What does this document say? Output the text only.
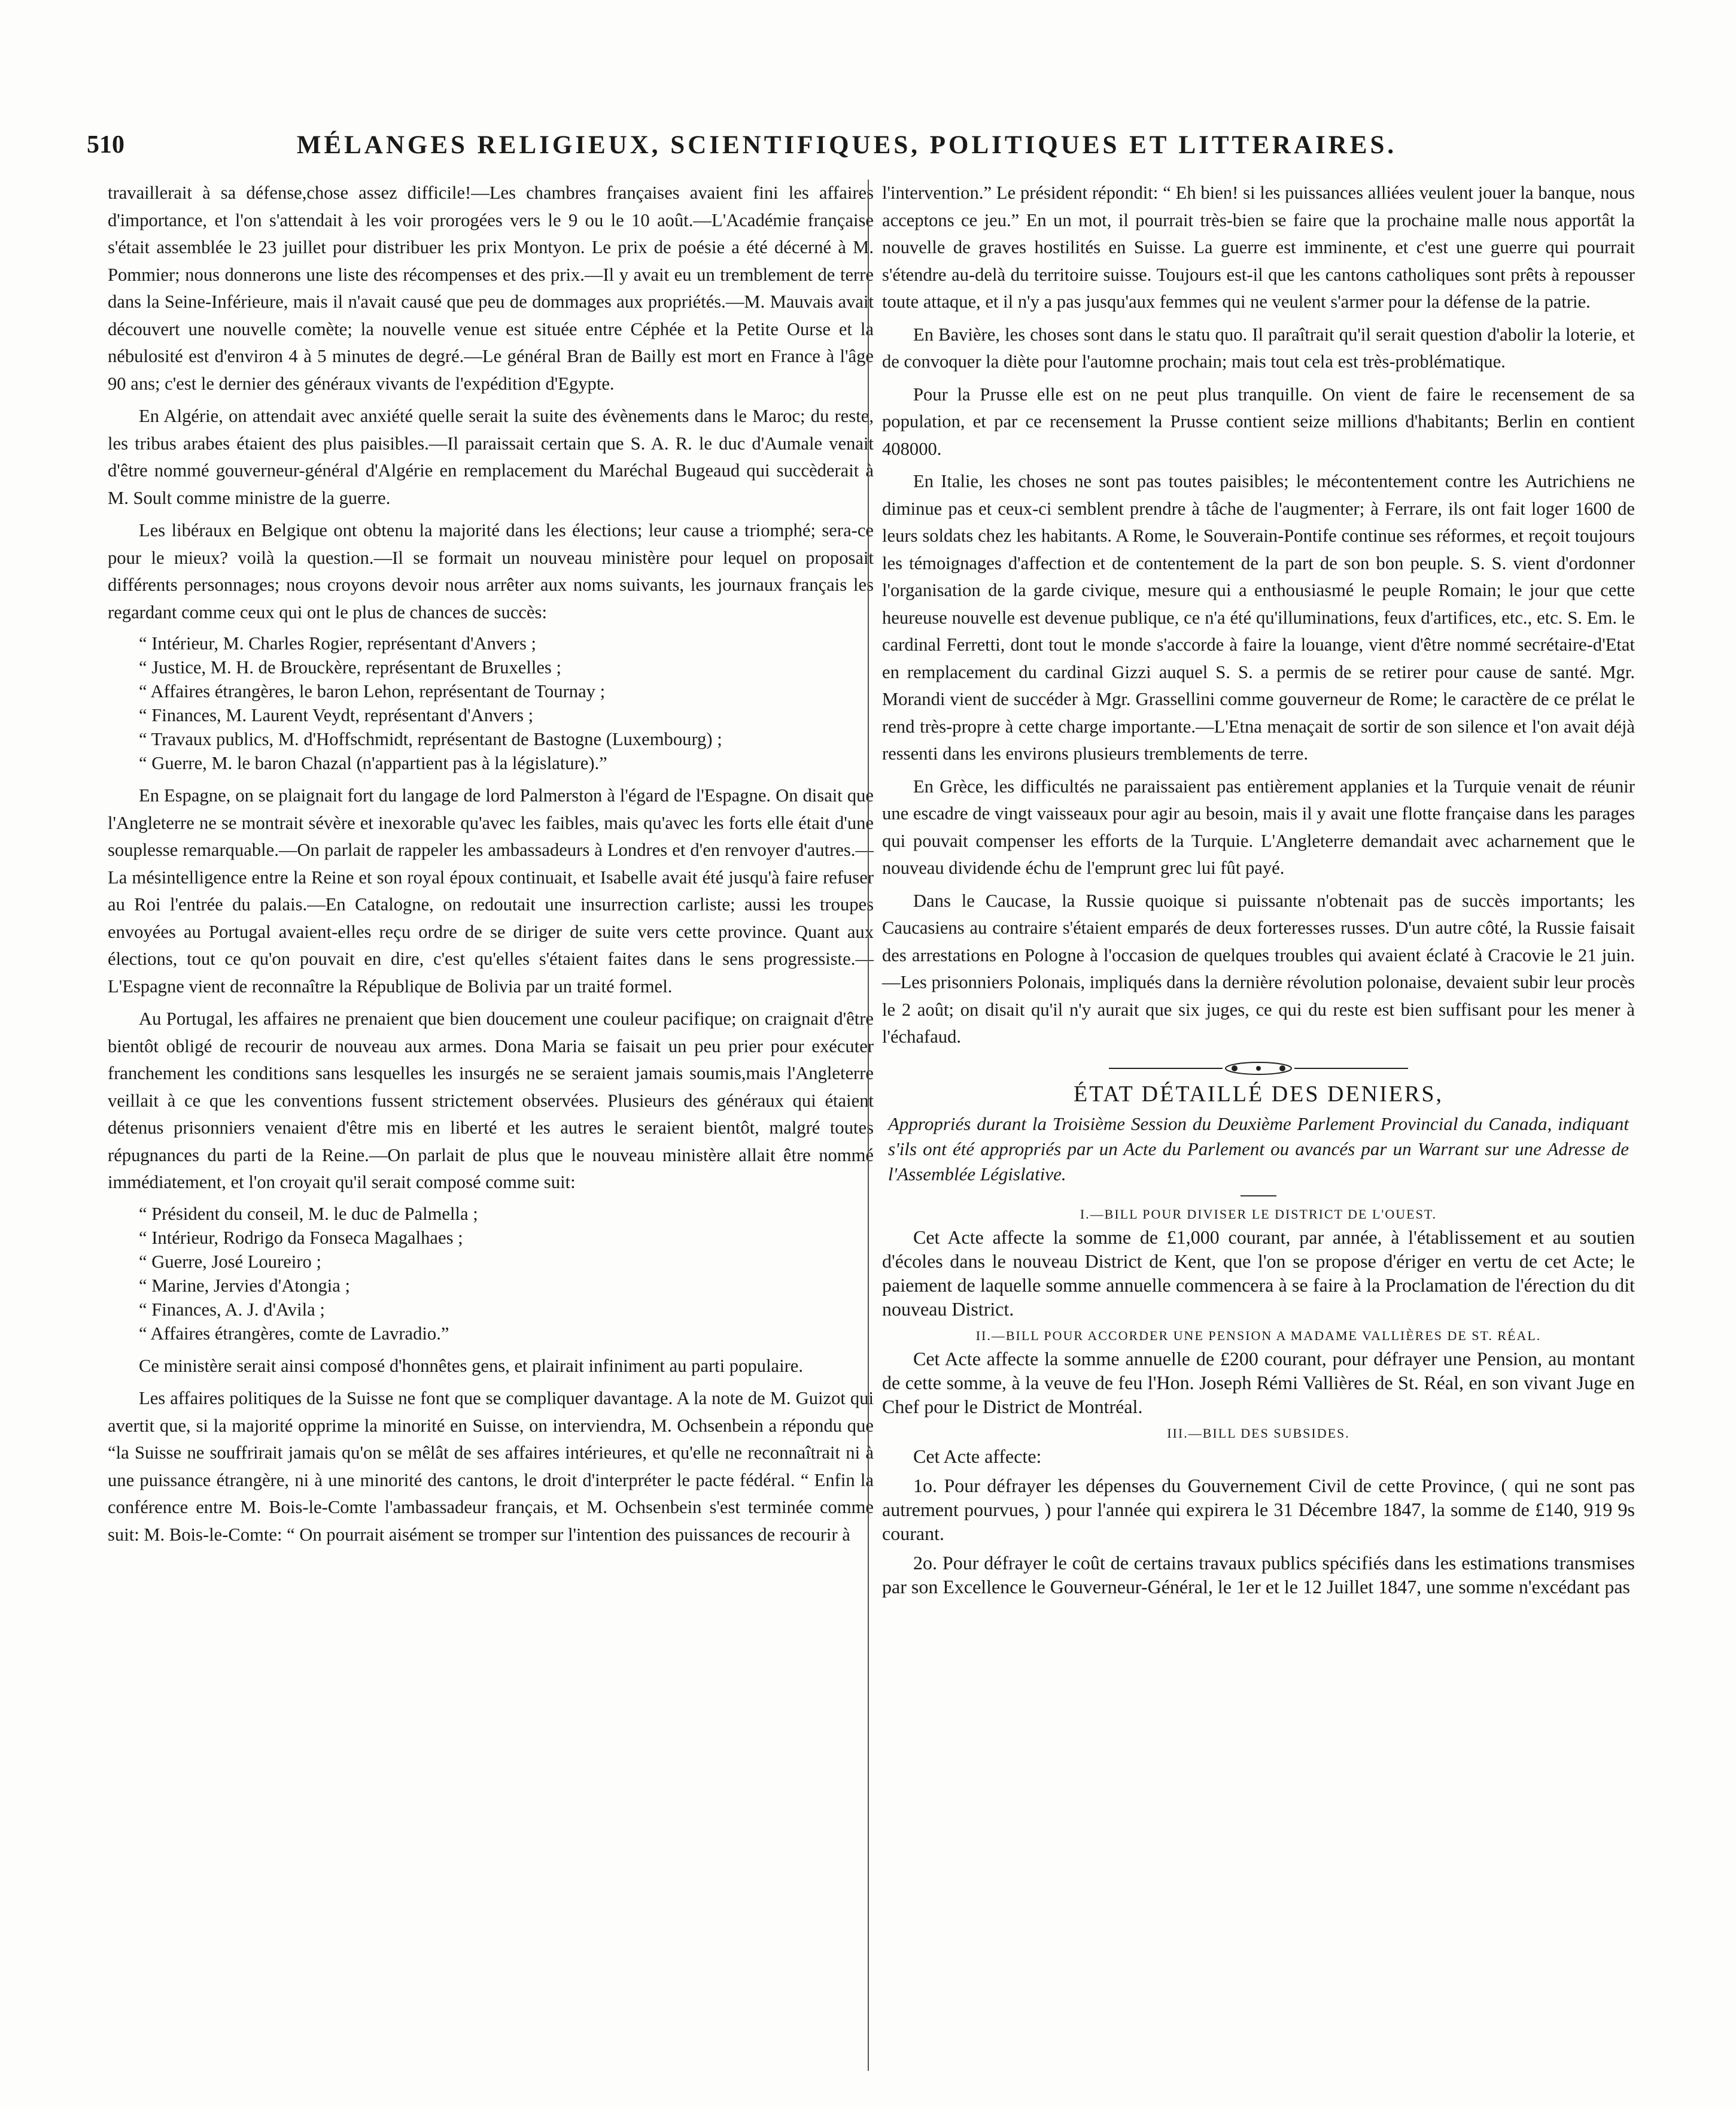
510	MÉLANGES RELIGIEUX, SCIENTIFIQUES, POLITIQUES ET LITTERAIRES.

travaillerait à sa défense,chose assez difficile!—Les chambres françaises avaient fini les affaires d'importance, et l'on s'attendait à les voir prorogées vers le 9 ou le 10 août.—L'Académie française s'était assemblée le 23 juillet pour distribuer les prix Montyon. Le prix de poésie a été décerné à M. Pommier; nous donnerons une liste des récompenses et des prix.—Il y avait eu un tremblement de terre dans la Seine-Inférieure, mais il n'avait causé que peu de dommages aux propriétés.—M. Mauvais avait découvert une nouvelle comète; la nouvelle venue est située entre Céphée et la Petite Ourse et la nébulosité est d'environ 4 à 5 minutes de degré.—Le général Bran de Bailly est mort en France à l'âge 90 ans; c'est le dernier des généraux vivants de l'expédition d'Egypte.

En Algérie, on attendait avec anxiété quelle serait la suite des évènements dans le Maroc; du reste, les tribus arabes étaient des plus paisibles.—Il paraissait certain que S. A. R. le duc d'Aumale venait d'être nommé gouverneur-général d'Algérie en remplacement du Maréchal Bugeaud qui succèderait à M. Soult comme ministre de la guerre.

Les libéraux en Belgique ont obtenu la majorité dans les élections; leur cause a triomphé; sera-ce pour le mieux? voilà la question.—Il se formait un nouveau ministère pour lequel on proposait différents personnages; nous croyons devoir nous arrêter aux noms suivants, les journaux français les regardant comme ceux qui ont le plus de chances de succès:

“ Intérieur, M. Charles Rogier, représentant d'Anvers ;
“ Justice, M. H. de Brouckère, représentant de Bruxelles ;
“ Affaires étrangères, le baron Lehon, représentant de Tournay ;
“ Finances, M. Laurent Veydt, représentant d'Anvers ;
“ Travaux publics, M. d'Hoffschmidt, représentant de Bastogne (Luxembourg) ;
“ Guerre, M. le baron Chazal (n'appartient pas à la législature).”

En Espagne, on se plaignait fort du langage de lord Palmerston à l'égard de l'Espagne. On disait que l'Angleterre ne se montrait sévère et inexorable qu'avec les faibles, mais qu'avec les forts elle était d'une souplesse remarquable.—On parlait de rappeler les ambassadeurs à Londres et d'en renvoyer d'autres.—La mésintelligence entre la Reine et son royal époux continuait, et Isabelle avait été jusqu'à faire refuser au Roi l'entrée du palais.—En Catalogne, on redoutait une insurrection carliste; aussi les troupes envoyées au Portugal avaient-elles reçu ordre de se diriger de suite vers cette province. Quant aux élections, tout ce qu'on pouvait en dire, c'est qu'elles s'étaient faites dans le sens progressiste.—L'Espagne vient de reconnaître la République de Bolivia par un traité formel.

Au Portugal, les affaires ne prenaient que bien doucement une couleur pacifique; on craignait d'être bientôt obligé de recourir de nouveau aux armes. Dona Maria se faisait un peu prier pour exécuter franchement les conditions sans lesquelles les insurgés ne se seraient jamais soumis,mais l'Angleterre veillait à ce que les conventions fussent strictement observées. Plusieurs des généraux qui étaient détenus prisonniers venaient d'être mis en liberté et les autres le seraient bientôt, malgré toutes répugnances du parti de la Reine.—On parlait de plus que le nouveau ministère allait être nommé immédiatement, et l'on croyait qu'il serait composé comme suit:

“ Président du conseil, M. le duc de Palmella ;
“ Intérieur, Rodrigo da Fonseca Magalhaes ;
“ Guerre, José Loureiro ;
“ Marine, Jervies d'Atongia ;
“ Finances, A. J. d'Avila ;
“ Affaires étrangères, comte de Lavradio.”

Ce ministère serait ainsi composé d'honnêtes gens, et plairait infiniment au parti populaire.

Les affaires politiques de la Suisse ne font que se compliquer davantage. A la note de M. Guizot qui avertit que, si la majorité opprime la minorité en Suisse, on interviendra, M. Ochsenbein a répondu que “la Suisse ne souffrirait jamais qu'on se mêlât de ses affaires intérieures, et qu'elle ne reconnaîtrait ni à une puissance étrangère, ni à une minorité des cantons, le droit d'interpréter le pacte fédéral. “ Enfin la conférence entre M. Bois-le-Comte l'ambassadeur français, et M. Ochsenbein s'est terminée comme suit: M. Bois-le-Comte: “ On pourrait aisément se tromper sur l'intention des puissances de recourir à

l'intervention.” Le président répondit: “ Eh bien! si les puissances alliées veulent jouer la banque, nous acceptons ce jeu.” En un mot, il pourrait très-bien se faire que la prochaine malle nous apportât la nouvelle de graves hostilités en Suisse. La guerre est imminente, et c'est une guerre qui pourrait s'étendre au-delà du territoire suisse. Toujours est-il que les cantons catholiques sont prêts à repousser toute attaque, et il n'y a pas jusqu'aux femmes qui ne veulent s'armer pour la défense de la patrie.

En Bavière, les choses sont dans le statu quo. Il paraîtrait qu'il serait question d'abolir la loterie, et de convoquer la diète pour l'automne prochain; mais tout cela est très-problématique.

Pour la Prusse elle est on ne peut plus tranquille. On vient de faire le recensement de sa population, et par ce recensement la Prusse contient seize millions d'habitants; Berlin en contient 408000.

En Italie, les choses ne sont pas toutes paisibles; le mécontentement contre les Autrichiens ne diminue pas et ceux-ci semblent prendre à tâche de l'augmenter; à Ferrare, ils ont fait loger 1600 de leurs soldats chez les habitants. A Rome, le Souverain-Pontife continue ses réformes, et reçoit toujours les témoignages d'affection et de contentement de la part de son bon peuple. S. S. vient d'ordonner l'organisation de la garde civique, mesure qui a enthousiasmé le peuple Romain; le jour que cette heureuse nouvelle est devenue publique, ce n'a été qu'illuminations, feux d'artifices, etc., etc. S. Em. le cardinal Ferretti, dont tout le monde s'accorde à faire la louange, vient d'être nommé secrétaire-d'Etat en remplacement du cardinal Gizzi auquel S. S. a permis de se retirer pour cause de santé. Mgr. Morandi vient de succéder à Mgr. Grassellini comme gouverneur de Rome; le caractère de ce prélat le rend très-propre à cette charge importante.—L'Etna menaçait de sortir de son silence et l'on avait déjà ressenti dans les environs plusieurs tremblements de terre.

En Grèce, les difficultés ne paraissaient pas entièrement applanies et la Turquie venait de réunir une escadre de vingt vaisseaux pour agir au besoin, mais il y avait une flotte française dans les parages qui pouvait compenser les efforts de la Turquie. L'Angleterre demandait avec acharnement que le nouveau dividende échu de l'emprunt grec lui fût payé.

Dans le Caucase, la Russie quoique si puissante n'obtenait pas de succès importants; les Caucasiens au contraire s'étaient emparés de deux forteresses russes. D'un autre côté, la Russie faisait des arrestations en Pologne à l'occasion de quelques troubles qui avaient éclaté à Cracovie le 21 juin.—Les prisonniers Polonais, impliqués dans la dernière révolution polonaise, devaient subir leur procès le 2 août; on disait qu'il n'y aurait que six juges, ce qui du reste est bien suffisant pour les mener à l'échafaud.

ÉTAT DÉTAILLÉ DES DENIERS,
Appropriés durant la Troisième Session du Deuxième Parlement Provincial du Canada, indiquant s'ils ont été appropriés par un Acte du Parlement ou avancés par un Warrant sur une Adresse de l'Assemblée Législative.
I.—BILL POUR DIVISER LE DISTRICT DE L'OUEST.

Cet Acte affecte la somme de £1,000 courant, par année, à l'établissement et au soutien d'écoles dans le nouveau District de Kent, que l'on se propose d'ériger en vertu de cet Acte; le paiement de laquelle somme annuelle commencera à se faire à la Proclamation de l'érection du dit nouveau District.

II.—BILL POUR ACCORDER UNE PENSION A MADAME VALLIÈRES DE ST. RÉAL.

Cet Acte affecte la somme annuelle de £200 courant, pour défrayer une Pension, au montant de cette somme, à la veuve de feu l'Hon. Joseph Rémi Vallières de St. Réal, en son vivant Juge en Chef pour le District de Montréal.

III.—BILL DES SUBSIDES.

Cet Acte affecte:

1o. Pour défrayer les dépenses du Gouvernement Civil de cette Province, ( qui ne sont pas autrement pourvues, ) pour l'année qui expirera le 31 Décembre 1847, la somme de £140, 919 9s courant.

2o. Pour défrayer le coût de certains travaux publics spécifiés dans les estimations transmises par son Excellence le Gouverneur-Général, le 1er et le 12 Juillet 1847, une somme n'excédant pas
